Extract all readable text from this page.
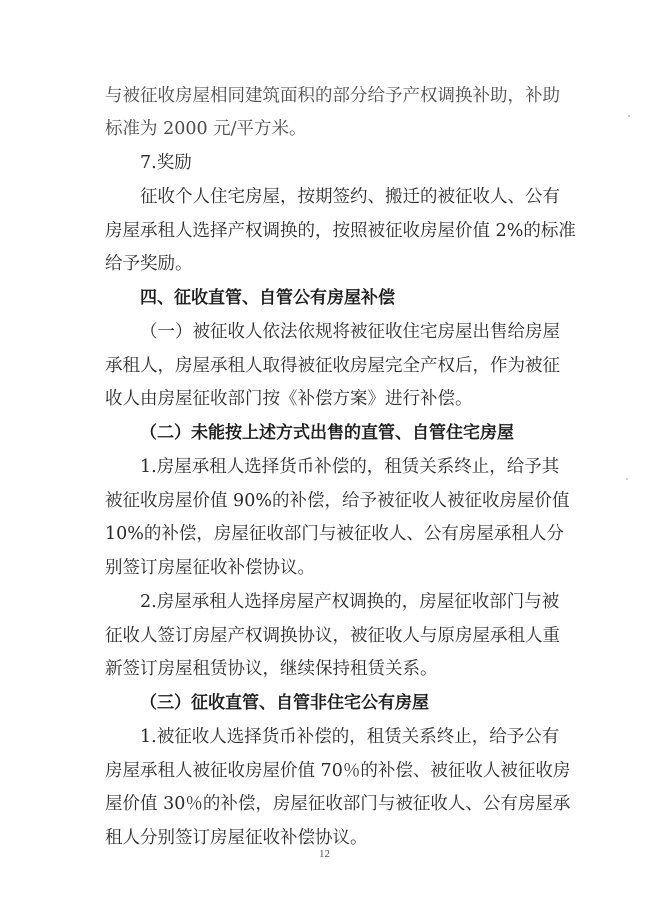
与被征收房屋相同建筑面积的部分给予产权调换补助，补助
标准为 2000 元/平方米。
7.奖励
征收个人住宅房屋，按期签约、搬迁的被征收人、公有
房屋承租人选择产权调换的，按照被征收房屋价值 2%的标准
给予奖励。
四、征收直管、自管公有房屋补偿
（一）被征收人依法依规将被征收住宅房屋出售给房屋
承租人，房屋承租人取得被征收房屋完全产权后，作为被征
收人由房屋征收部门按《补偿方案》进行补偿。
（二）未能按上述方式出售的直管、自管住宅房屋
1.房屋承租人选择货币补偿的，租赁关系终止，给予其
被征收房屋价值 90%的补偿，给予被征收人被征收房屋价值
10%的补偿，房屋征收部门与被征收人、公有房屋承租人分
别签订房屋征收补偿协议。
2.房屋承租人选择房屋产权调换的，房屋征收部门与被
征收人签订房屋产权调换协议，被征收人与原房屋承租人重
新签订房屋租赁协议，继续保持租赁关系。
（三）征收直管、自管非住宅公有房屋
1.被征收人选择货币补偿的，租赁关系终止，给予公有
房屋承租人被征收房屋价值 70％的补偿、被征收人被征收房
屋价值 30％的补偿，房屋征收部门与被征收人、公有房屋承
租人分别签订房屋征收补偿协议。
12
